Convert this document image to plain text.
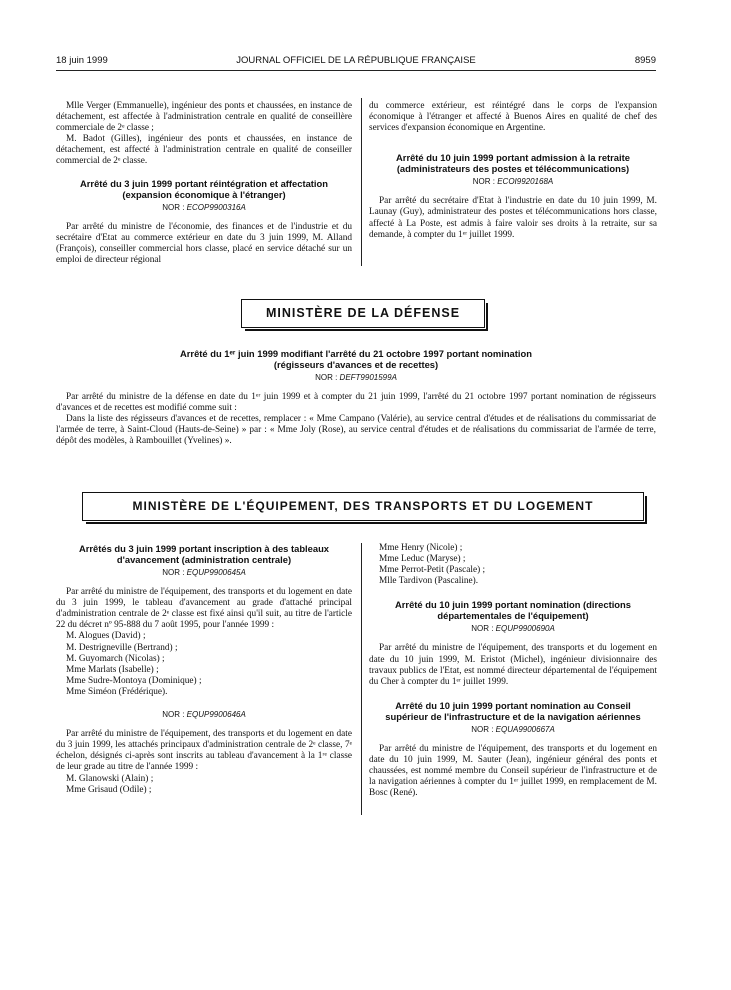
18 juin 1999	JOURNAL OFFICIEL DE LA RÉPUBLIQUE FRANÇAISE	8959

Mlle Verger (Emmanuelle), ingénieur des ponts et chaussées, en instance de détachement, est affectée à l'administration centrale en qualité de conseillère commerciale de 2ᵉ classe ;

M. Badot (Gilles), ingénieur des ponts et chaussées, en instance de détachement, est affecté à l'administration centrale en qualité de conseiller commercial de 2ᵉ classe.

Arrêté du 3 juin 1999 portant réintégration et affectation (expansion économique à l'étranger)
NOR : ECOP9900316A

Par arrêté du ministre de l'économie, des finances et de l'industrie et du secrétaire d'Etat au commerce extérieur en date du 3 juin 1999, M. Alland (François), conseiller commercial hors classe, placé en service détaché sur un emploi de directeur régional

du commerce extérieur, est réintégré dans le corps de l'expansion économique à l'étranger et affecté à Buenos Aires en qualité de chef des services d'expansion économique en Argentine.

Arrêté du 10 juin 1999 portant admission à la retraite (administrateurs des postes et télécommunications)
NOR : ECOI9920168A

Par arrêté du secrétaire d'Etat à l'industrie en date du 10 juin 1999, M. Launay (Guy), administrateur des postes et télécommunications hors classe, affecté à La Poste, est admis à faire valoir ses droits à la retraite, sur sa demande, à compter du 1ᵉʳ juillet 1999.

MINISTÈRE DE LA DÉFENSE
Arrêté du 1ᵉʳ juin 1999 modifiant l'arrêté du 21 octobre 1997 portant nomination (régisseurs d'avances et de recettes)
NOR : DEFT9901599A

Par arrêté du ministre de la défense en date du 1ᵉʳ juin 1999 et à compter du 21 juin 1999, l'arrêté du 21 octobre 1997 portant nomination de régisseurs d'avances et de recettes est modifié comme suit :

Dans la liste des régisseurs d'avances et de recettes, remplacer : « Mme Campano (Valérie), au service central d'études et de réalisations du commissariat de l'armée de terre, à Saint-Cloud (Hauts-de-Seine) » par : « Mme Joly (Rose), au service central d'études et de réalisations du commissariat de l'armée de terre, dépôt des modèles, à Rambouillet (Yvelines) ».

MINISTÈRE DE L'ÉQUIPEMENT, DES TRANSPORTS ET DU LOGEMENT
Arrêtés du 3 juin 1999 portant inscription à des tableaux d'avancement (administration centrale)
NOR : EQUP9900645A

Par arrêté du ministre de l'équipement, des transports et du logement en date du 3 juin 1999, le tableau d'avancement au grade d'attaché principal d'administration centrale de 2ᵉ classe est fixé ainsi qu'il suit, au titre de l'article 22 du décret nº 95-888 du 7 août 1995, pour l'année 1999 :

M. Alogues (David) ;

M. Destrigneville (Bertrand) ;

M. Guyomarch (Nicolas) ;

Mme Marlats (Isabelle) ;

Mme Sudre-Montoya (Dominique) ;

Mme Siméon (Frédérique).

NOR : EQUP9900646A

Par arrêté du ministre de l'équipement, des transports et du logement en date du 3 juin 1999, les attachés principaux d'administration centrale de 2ᵉ classe, 7ᵉ échelon, désignés ci-après sont inscrits au tableau d'avancement à la 1ʳᵉ classe de leur grade au titre de l'année 1999 :

M. Glanowski (Alain) ;

Mme Grisaud (Odile) ;

Mme Henry (Nicole) ;

Mme Leduc (Maryse) ;

Mme Perrot-Petit (Pascale) ;

Mlle Tardivon (Pascaline).

Arrêté du 10 juin 1999 portant nomination (directions départementales de l'équipement)
NOR : EQUP9900690A

Par arrêté du ministre de l'équipement, des transports et du logement en date du 10 juin 1999, M. Eristot (Michel), ingénieur divisionnaire des travaux publics de l'Etat, est nommé directeur départemental de l'équipement du Cher à compter du 1ᵉʳ juillet 1999.

Arrêté du 10 juin 1999 portant nomination au Conseil supérieur de l'infrastructure et de la navigation aériennes
NOR : EQUA9900667A

Par arrêté du ministre de l'équipement, des transports et du logement en date du 10 juin 1999, M. Sauter (Jean), ingénieur général des ponts et chaussées, est nommé membre du Conseil supérieur de l'infrastructure et de la navigation aériennes à compter du 1ᵉʳ juillet 1999, en remplacement de M. Bosc (René).
